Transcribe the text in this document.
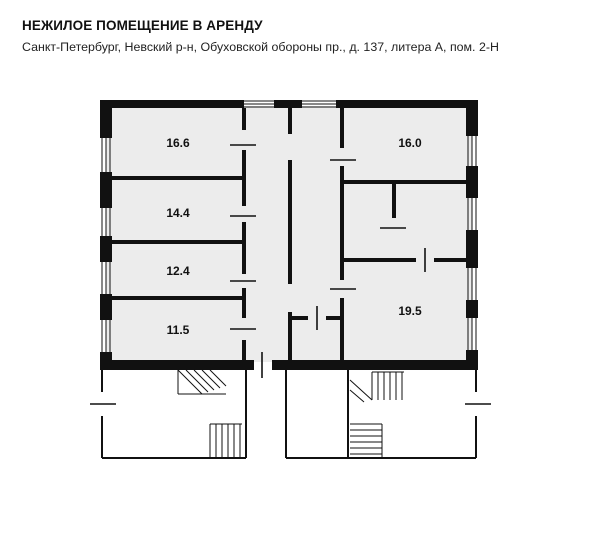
НЕЖИЛОЕ ПОМЕЩЕНИЕ В АРЕНДУ
Санкт-Петербург, Невский р-н, Обуховской обороны пр., д. 137, литера А, пом. 2-Н
16.6
14.4
12.4
11.5
16.0
19.5
